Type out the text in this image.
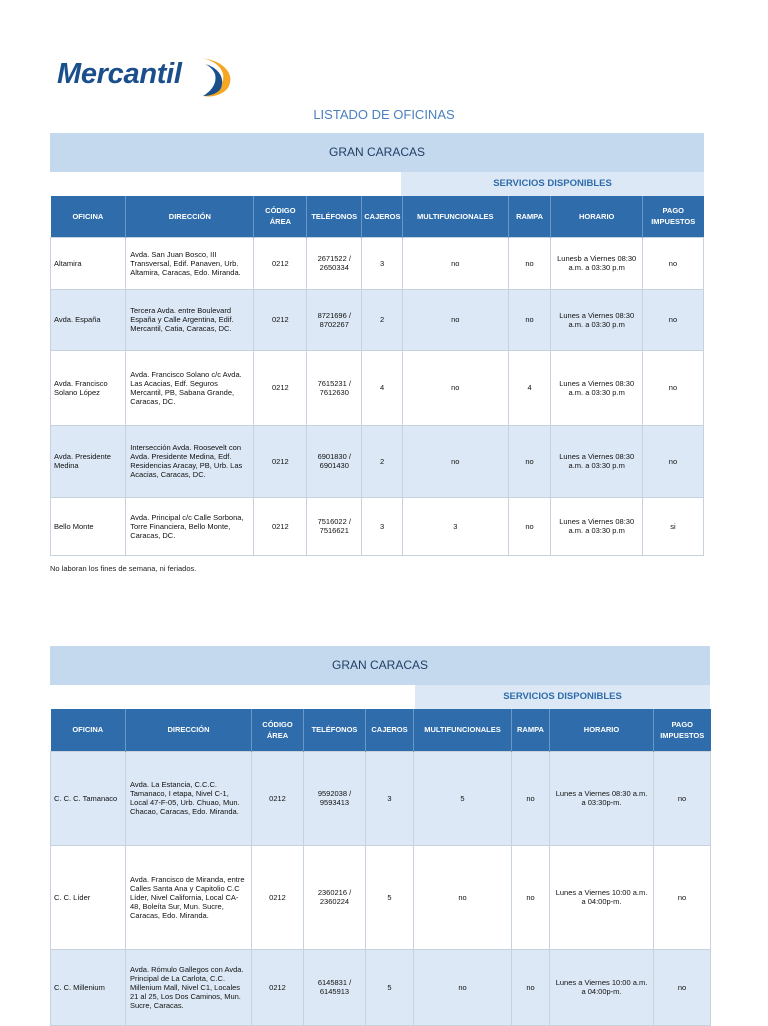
Mercantil
LISTADO DE OFICINAS
GRAN CARACAS
SERVICIOS DISPONIBLES
OFICINA	DIRECCIÓN	CÓDIGO ÁREA	TELÉFONOS	CAJEROS	MULTIFUNCIONALES	RAMPA	HORARIO	PAGO IMPUESTOS
Altamira	Avda. San Juan Bosco, III Transversal, Edif. Panaven, Urb. Altamira, Caracas, Edo. Miranda.	0212	2671522 / 2650334	3	no	no	Lunesb a Viernes 08:30 a.m. a 03:30 p.m	no
Avda. España	Tercera Avda. entre Boulevard España y Calle Argentina, Edif. Mercantil, Catia, Caracas, DC.	0212	8721696 / 8702267	2	no	no	Lunes a Viernes 08:30 a.m. a 03:30 p.m	no
Avda. Francisco Solano López	Avda. Francisco Solano c/c Avda. Las Acacias, Edf. Seguros Mercantil, PB, Sabana Grande, Caracas, DC.	0212	7615231 / 7612630	4	no	4	Lunes a Viernes 08:30 a.m. a 03:30 p.m	no
Avda. Presidente Medina	Intersección Avda. Roosevelt con Avda. Presidente Medina, Edf. Residencias Aracay, PB, Urb. Las Acacias, Caracas, DC.	0212	6901830 / 6901430	2	no	no	Lunes a Viernes 08:30 a.m. a 03:30 p.m	no
Bello Monte	Avda. Principal c/c Calle Sorbona, Torre Financiera, Bello Monte, Caracas, DC.	0212	7516022 / 7516621	3	3	no	Lunes a Viernes 08:30 a.m. a 03:30 p.m	si
No laboran los fines de semana, ni feriados.
GRAN CARACAS
SERVICIOS DISPONIBLES
OFICINA	DIRECCIÓN	CÓDIGO ÁREA	TELÉFONOS	CAJEROS	MULTIFUNCIONALES	RAMPA	HORARIO	PAGO IMPUESTOS
C. C. C. Tamanaco	Avda. La Estancia, C.C.C. Tamanaco, I etapa, Nivel C-1, Local 47-F-05, Urb. Chuao, Mun. Chacao, Caracas, Edo. Miranda.	0212	9592038 / 9593413	3	5	no	Lunes a Viernes 08:30 a.m. a 03:30p-m.	no
C. C. Líder	Avda. Francisco de Miranda, entre Calles Santa Ana y Capitolio C.C Líder, Nivel California, Local CA-48, Boleíta Sur, Mun. Sucre, Caracas, Edo. Miranda.	0212	2360216 / 2360224	5	no	no	Lunes a Viernes 10:00 a.m. a 04:00p-m.	no
C. C. Millenium	Avda. Rómulo Gallegos con Avda. Principal de La Carlota, C.C. Millenium Mall, Nivel C1, Locales 21 al 25, Los Dos Caminos, Mun. Sucre, Caracas.	0212	6145831 / 6145913	5	no	no	Lunes a Viernes 10:00 a.m. a 04:00p-m.	no
